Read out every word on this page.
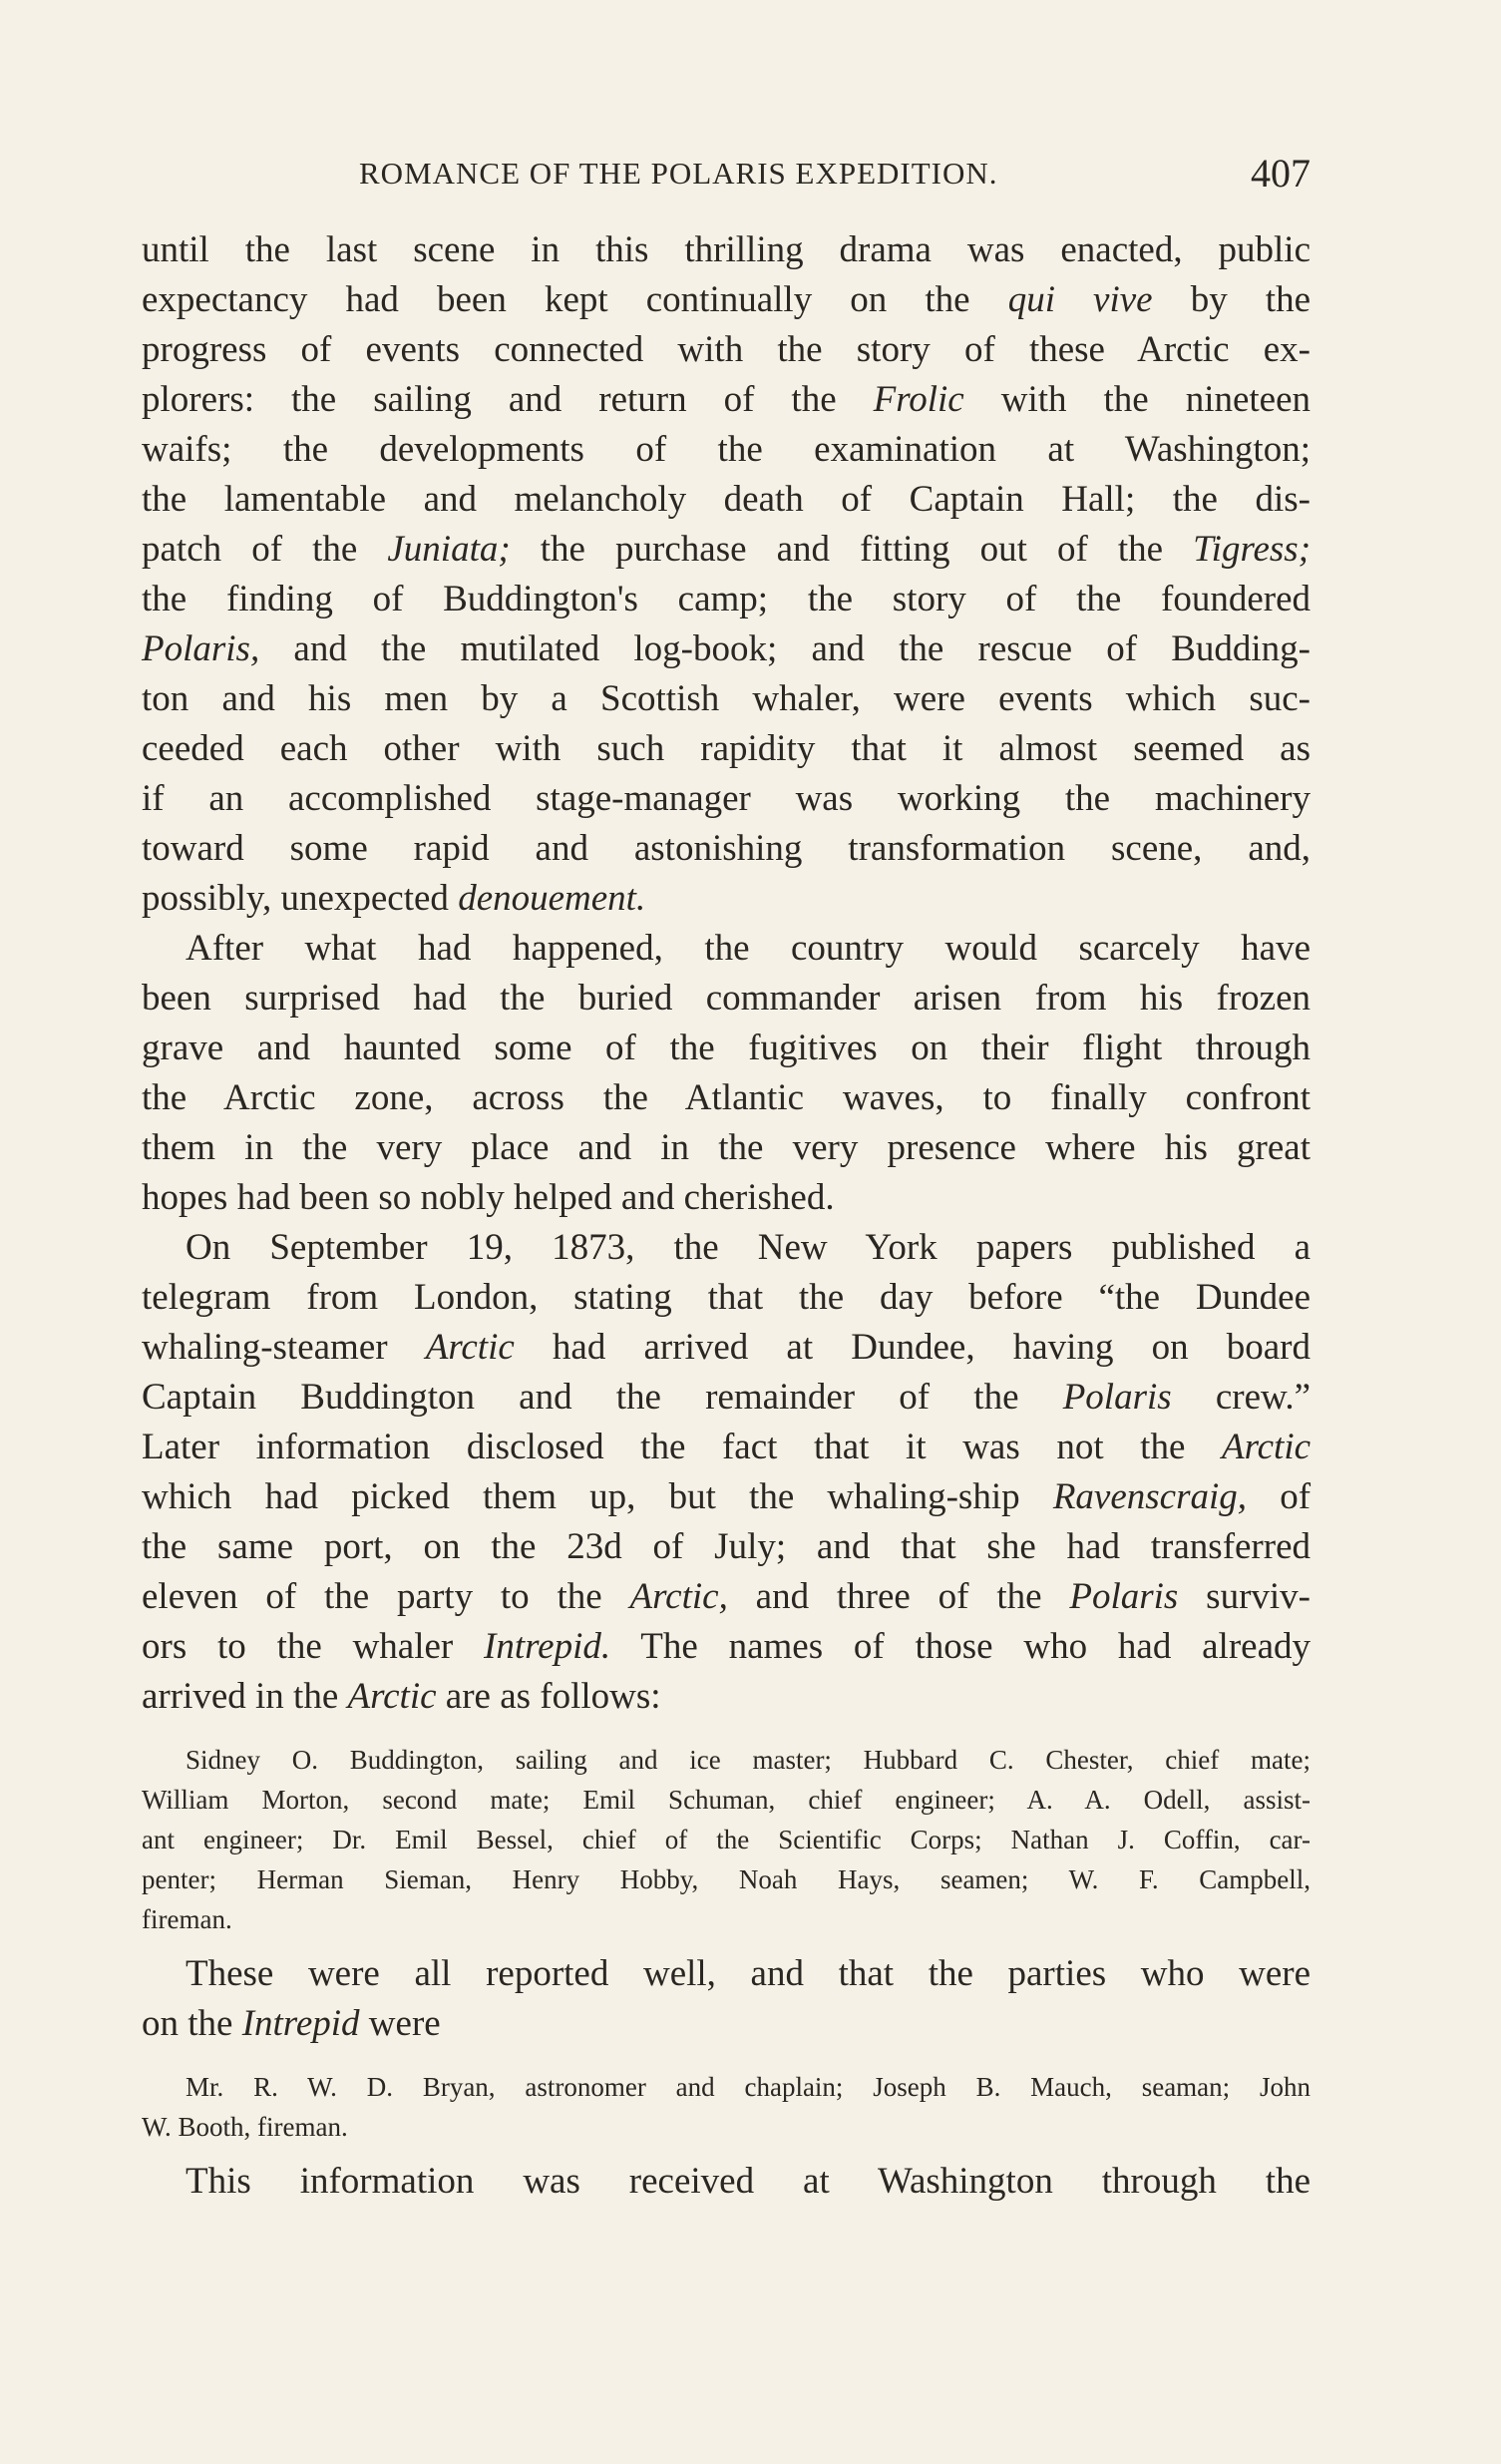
ROMANCE OF THE POLARIS EXPEDITION.	407
until the last scene in this thrilling drama was enacted, public
expectancy had been kept continually on the qui vive by the
progress of events connected with the story of these Arctic ex-
plorers: the sailing and return of the Frolic with the nineteen
waifs; the developments of the examination at Washington;
the lamentable and melancholy death of Captain Hall; the dis-
patch of the Juniata; the purchase and fitting out of the Tigress;
the finding of Buddington's camp; the story of the foundered
Polaris, and the mutilated log-book; and the rescue of Budding-
ton and his men by a Scottish whaler, were events which suc-
ceeded each other with such rapidity that it almost seemed as
if an accomplished stage-manager was working the machinery
toward some rapid and astonishing transformation scene, and,
possibly, unexpected denouement.
After what had happened, the country would scarcely have
been surprised had the buried commander arisen from his frozen
grave and haunted some of the fugitives on their flight through
the Arctic zone, across the Atlantic waves, to finally confront
them in the very place and in the very presence where his great
hopes had been so nobly helped and cherished.
On September 19, 1873, the New York papers published a
telegram from London, stating that the day before “the Dundee
whaling-steamer Arctic had arrived at Dundee, having on board
Captain Buddington and the remainder of the Polaris crew.”
Later information disclosed the fact that it was not the Arctic
which had picked them up, but the whaling-ship Ravenscraig, of
the same port, on the 23d of July; and that she had transferred
eleven of the party to the Arctic, and three of the Polaris surviv-
ors to the whaler Intrepid. The names of those who had already
arrived in the Arctic are as follows:
Sidney O. Buddington, sailing and ice master; Hubbard C. Chester, chief mate;
William Morton, second mate; Emil Schuman, chief engineer; A. A. Odell, assist-
ant engineer; Dr. Emil Bessel, chief of the Scientific Corps; Nathan J. Coffin, car-
penter; Herman Sieman, Henry Hobby, Noah Hays, seamen; W. F. Campbell,
fireman.
These were all reported well, and that the parties who were
on the Intrepid were
Mr. R. W. D. Bryan, astronomer and chaplain; Joseph B. Mauch, seaman; John
W. Booth, fireman.
This information was received at Washington through the
